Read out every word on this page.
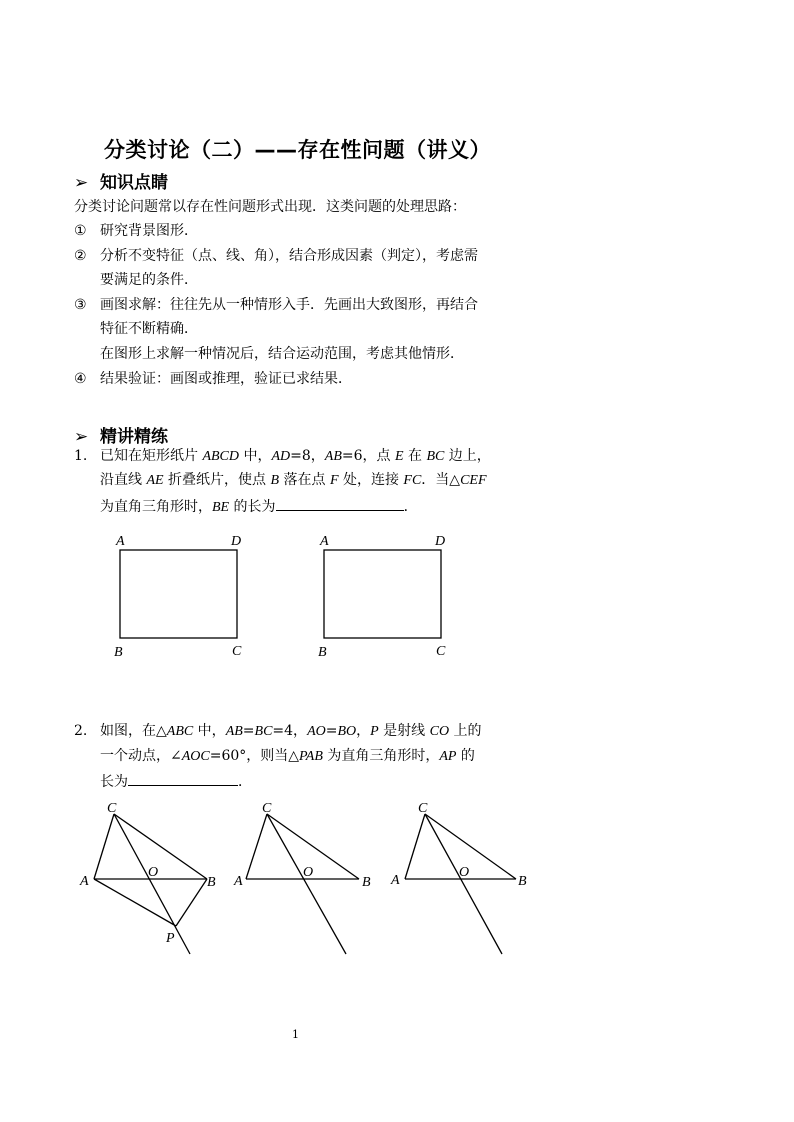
分类讨论（二）——存在性问题（讲义）
➢ 知识点睛
分类讨论问题常以存在性问题形式出现．这类问题的处理思路：
① 研究背景图形．
② 分析不变特征（点、线、角），结合形成因素（判定），考虑需
要满足的条件．
③ 画图求解：往往先从一种情形入手．先画出大致图形，再结合
特征不断精确．
在图形上求解一种情况后，结合运动范围，考虑其他情形．
④ 结果验证：画图或推理，验证已求结果．
➢ 精讲精练
1. 已知在矩形纸片 ABCD 中，AD=8，AB=6，点 E 在 BC 边上，
沿直线 AE 折叠纸片，使点 B 落在点 F 处，连接 FC．当△CEF
为直角三角形时，BE 的长为	．
A	D
B	C
A	D
B	C
2. 如图，在△ABC 中，AB=BC=4，AO=BO，P 是射线 CO 上的
一个动点，∠AOC=60°，则当△PAB 为直角三角形时，AP 的
长为	．
C
A
O
B
P
C
A
O
B
C
A
O
B
1
